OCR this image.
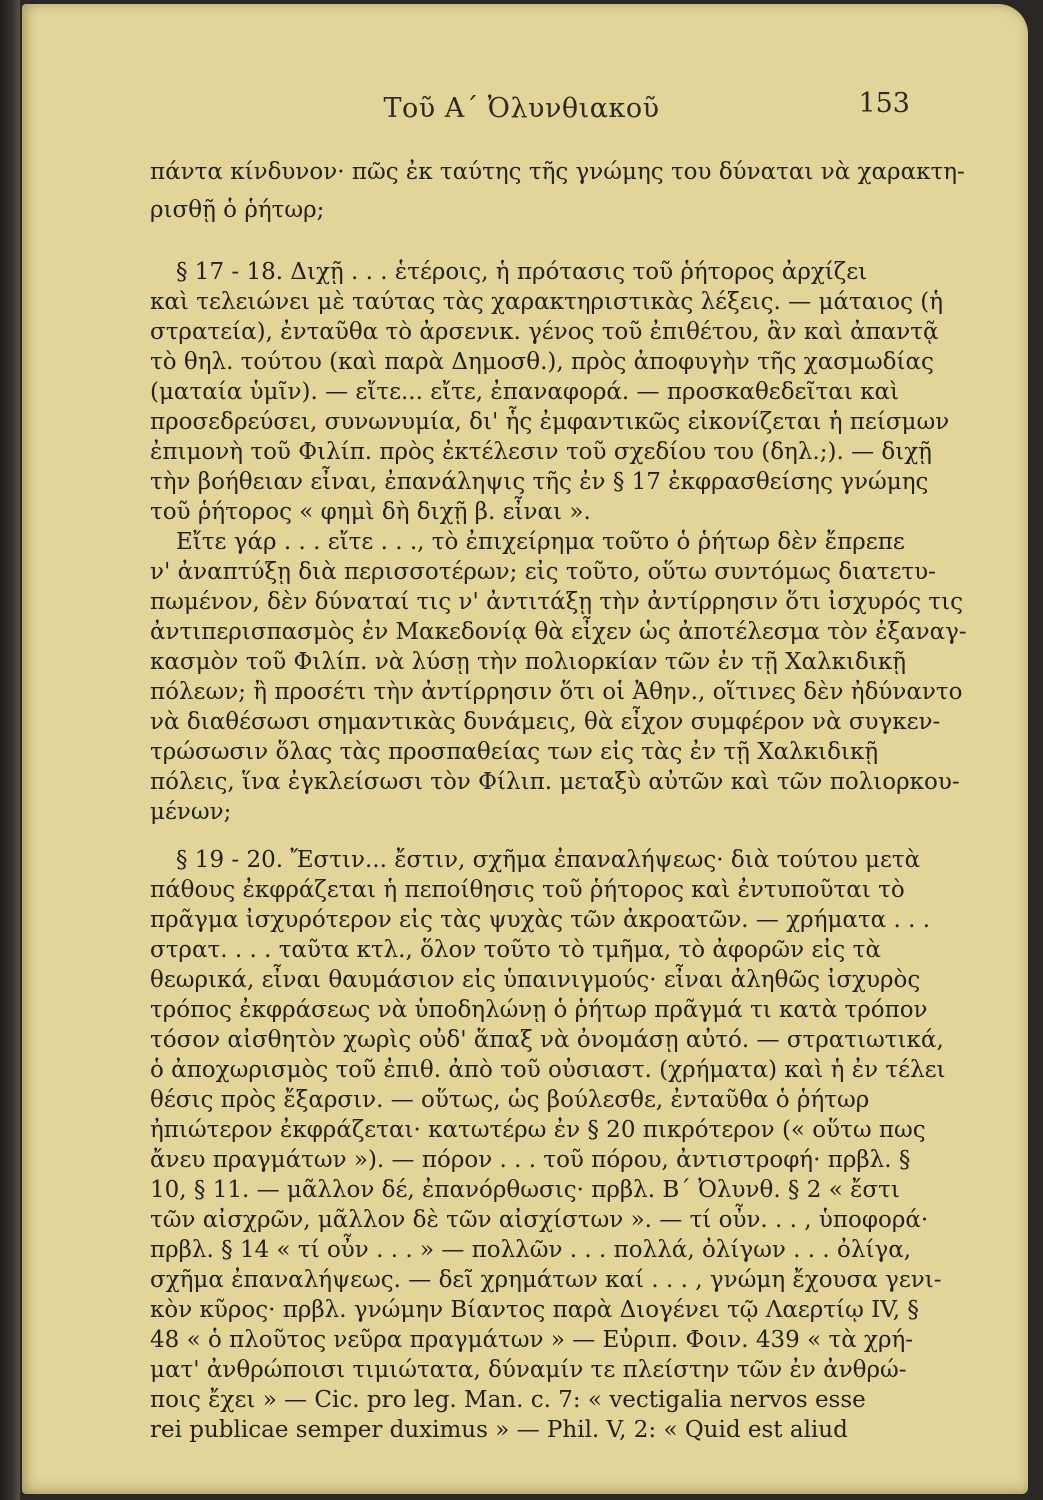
Τοῦ Α΄ Ὀλυνθιακοῦ	153
πάντα κίνδυνον· πῶς ἐκ ταύτης τῆς γνώμης του δύναται νὰ χαρακτη-
ρισθῇ ὁ ῥήτωρ;
§ 17 - 18. Διχῇ . . . ἑτέροις, ἡ πρότασις τοῦ ῥήτορος ἀρχίζει
καὶ τελειώνει μὲ ταύτας τὰς χαρακτηριστικὰς λέξεις. — μάταιος (ἡ
στρατεία), ἐνταῦθα τὸ ἀρσενικ. γένος τοῦ ἐπιθέτου, ἂν καὶ ἀπαντᾷ
τὸ θηλ. τούτου (καὶ παρὰ Δημοσθ.), πρὸς ἀποφυγὴν τῆς χασμωδίας
(ματαία ὑμῖν). — εἴτε... εἴτε, ἐπαναφορά. — προσκαθεδεῖται καὶ
προσεδρεύσει, συνωνυμία, δι' ἧς ἐμφαντικῶς εἰκονίζεται ἡ πείσμων
ἐπιμονὴ τοῦ Φιλίπ. πρὸς ἐκτέλεσιν τοῦ σχεδίου του (δηλ.;). — διχῇ
τὴν βοήθειαν εἶναι, ἐπανάληψις τῆς ἐν § 17 ἐκφρασθείσης γνώμης
τοῦ ῥήτορος « φημὶ δὴ διχῇ β. εἶναι ».
Εἴτε γάρ . . . εἴτε . . ., τὸ ἐπιχείρημα τοῦτο ὁ ῥήτωρ δὲν ἔπρεπε
ν' ἀναπτύξῃ διὰ περισσοτέρων; εἰς τοῦτο, οὕτω συντόμως διατετυ-
πωμένον, δὲν δύναταί τις ν' ἀντιτάξῃ τὴν ἀντίρρησιν ὅτι ἰσχυρός τις
ἀντιπερισπασμὸς ἐν Μακεδονίᾳ θὰ εἶχεν ὡς ἀποτέλεσμα τὸν ἐξαναγ-
κασμὸν τοῦ Φιλίπ. νὰ λύσῃ τὴν πολιορκίαν τῶν ἐν τῇ Χαλκιδικῇ
πόλεων; ἢ προσέτι τὴν ἀντίρρησιν ὅτι οἱ Ἀθην., οἵτινες δὲν ἠδύναντο
νὰ διαθέσωσι σημαντικὰς δυνάμεις, θὰ εἶχον συμφέρον νὰ συγκεν-
τρώσωσιν ὅλας τὰς προσπαθείας των εἰς τὰς ἐν τῇ Χαλκιδικῇ
πόλεις, ἵνα ἐγκλείσωσι τὸν Φίλιπ. μεταξὺ αὐτῶν καὶ τῶν πολιορκου-
μένων;
§ 19 - 20. Ἔστιν... ἔστιν, σχῆμα ἐπαναλήψεως· διὰ τούτου μετὰ
πάθους ἐκφράζεται ἡ πεποίθησις τοῦ ῥήτορος καὶ ἐντυποῦται τὸ
πρᾶγμα ἰσχυρότερον εἰς τὰς ψυχὰς τῶν ἀκροατῶν. — χρήματα . . .
στρατ. . . . ταῦτα κτλ., ὅλον τοῦτο τὸ τμῆμα, τὸ ἀφορῶν εἰς τὰ
θεωρικά, εἶναι θαυμάσιον εἰς ὑπαινιγμούς· εἶναι ἀληθῶς ἰσχυρὸς
τρόπος ἐκφράσεως νὰ ὑποδηλώνῃ ὁ ῥήτωρ πρᾶγμά τι κατὰ τρόπον
τόσον αἰσθητὸν χωρὶς οὐδ' ἅπαξ νὰ ὀνομάσῃ αὐτό. — στρατιωτικά,
ὁ ἀποχωρισμὸς τοῦ ἐπιθ. ἀπὸ τοῦ οὐσιαστ. (χρήματα) καὶ ἡ ἐν τέλει
θέσις πρὸς ἔξαρσιν. — οὕτως, ὡς βούλεσθε, ἐνταῦθα ὁ ῥήτωρ
ἠπιώτερον ἐκφράζεται· κατωτέρω ἐν § 20 πικρότερον (« οὕτω πως
ἄνευ πραγμάτων »). — πόρον . . . τοῦ πόρου, ἀντιστροφή· πρβλ. §
10, § 11. — μᾶλλον δέ, ἐπανόρθωσις· πρβλ. Β΄ Ὀλυνθ. § 2 « ἔστι
τῶν αἰσχρῶν, μᾶλλον δὲ τῶν αἰσχίστων ». — τί οὖν. . . , ὑποφορά·
πρβλ. § 14 « τί οὖν . . . » — πολλῶν . . . πολλά, ὀλίγων . . . ὀλίγα,
σχῆμα ἐπαναλήψεως. — δεῖ χρημάτων καί . . . , γνώμη ἔχουσα γενι-
κὸν κῦρος· πρβλ. γνώμην Βίαντος παρὰ Διογένει τῷ Λαερτίῳ IV, §
48 « ὁ πλοῦτος νεῦρα πραγμάτων » — Εὐριπ. Φοιν. 439 « τὰ χρή-
ματ' ἀνθρώποισι τιμιώτατα, δύναμίν τε πλείστην τῶν ἐν ἀνθρώ-
ποις ἔχει » — Cic. pro leg. Man. c. 7: « vectigalia nervos esse
rei publicae semper duximus » — Phil. V, 2: « Quid est aliud
